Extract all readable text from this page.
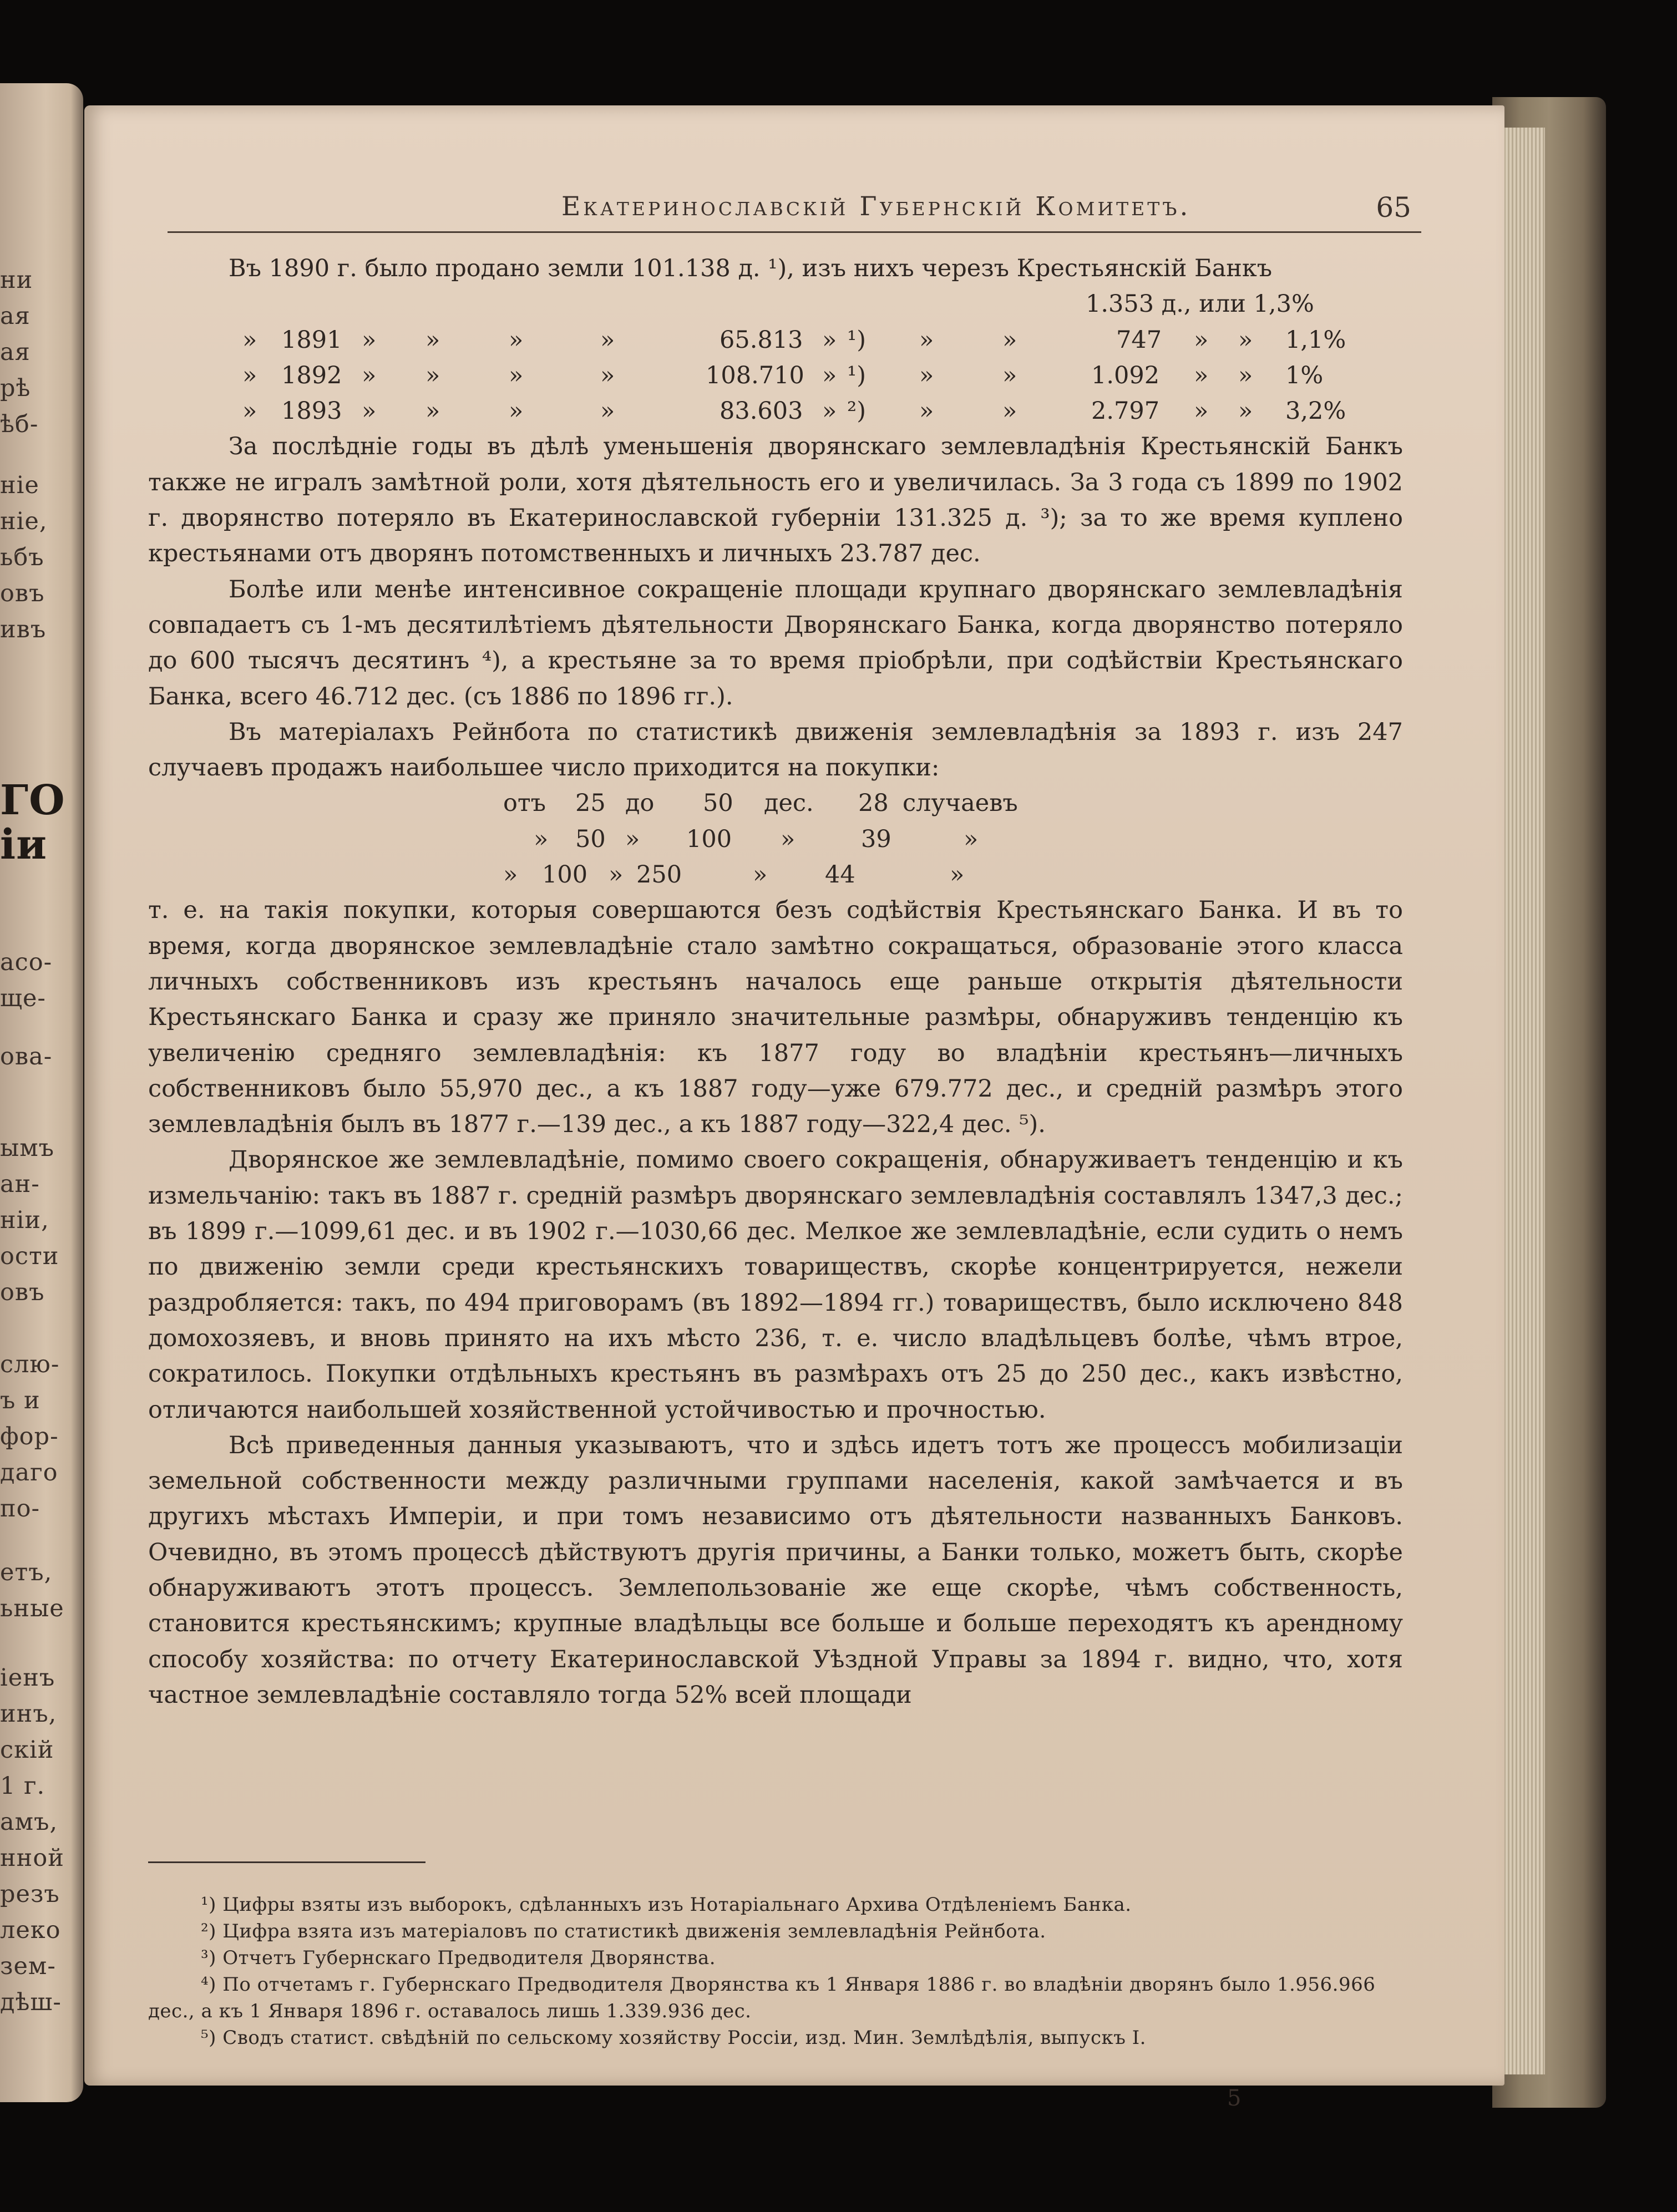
ни
ая
ая
рѣ
ѣб-
ніе
ніе,
ьбъ
овъ
ивъ
ГО
іи
асо-
ще-
ова-
ымъ
ан-
ніи,
ости
овъ
слю-
ъ и
фор-
даго
по-
етъ,
ьные
іенъ
инъ,
скій
1 г.
амъ,
нной
резъ
лeко
зем-
дѣш-
Екатеринославскій Губернскій Комитетъ.	65
Въ 1890 г. было продано земли 101.138 д. ¹), изъ нихъ черезъ Крестьянскій Банкъ
1.353 д., или 1,3%
» 1891 » »	»	»	65.813 » ¹) »	»	747 » » 1,1%
» 1892 » »	»	»	108.710 » ¹) »	»	1.092 » » 1%
» 1893 » »	»	»	83.603 » ²) »	»	2.797 » » 3,2%

За послѣдніе годы въ дѣлѣ уменьшенія дворянскаго землевладѣнія Крестьянскій Банкъ также не игралъ замѣтной роли, хотя дѣятельность его и увеличилась. За 3 года съ 1899 по 1902 г. дворянство потеряло въ Екатеринославской губерніи 131.325 д. ³); за то же время куплено крестьянами отъ дворянъ потомственныхъ и личныхъ 23.787 дес.

Болѣе или менѣе интенсивное сокращеніе площади крупнаго дворянскаго землевладѣнія совпадаетъ съ 1-мъ десятилѣтіемъ дѣятельности Дворянскаго Банка, когда дворянство потеряло до 600 тысячъ десятинъ ⁴), а крестьяне за то время пріобрѣли, при содѣйствіи Крестьянскаго Банка, всего 46.712 дес. (съ 1886 по 1896 гг.).

Въ матеріалахъ Рейнбота по статистикѣ движенія землевладѣнія за 1893 г. изъ 247 случаевъ продажъ наибольшее число приходится на покупки:

отъ 25 до 50 дес. 28 случаевъ
» 50 » 100 »	39	»
» 100 » 250	» 44	»

т. е. на такія покупки, которыя совершаются безъ содѣйствія Крестьянскаго Банка. И въ то время, когда дворянское землевладѣніе стало замѣтно сокращаться, образованіе этого класса личныхъ собственниковъ изъ крестьянъ началось еще раньше открытія дѣятельности Крестьянскаго Банка и сразу же приняло значительные размѣры, обнаруживъ тенденцію къ увеличенію средняго землевладѣнія: къ 1877 году во владѣніи крестьянъ—личныхъ собственниковъ было 55,970 дес., а къ 1887 году—уже 679.772 дес., и средній размѣръ этого землевладѣнія былъ въ 1877 г.—139 дес., а къ 1887 году—322,4 дес. ⁵).

Дворянское же землевладѣніе, помимо своего сокращенія, обнаруживаетъ тенденцію и къ измельчанію: такъ въ 1887 г. средній размѣръ дворянскаго землевладѣнія составлялъ 1347,3 дес.; въ 1899 г.—1099,61 дес. и въ 1902 г.—1030,66 дес. Мелкое же землевладѣніе, если судить о немъ по движенію земли среди крестьянскихъ товариществъ, скорѣе концентрируется, нежели раздробляется: такъ, по 494 приговорамъ (въ 1892—1894 гг.) товариществъ, было исключено 848 домохозяевъ, и вновь принято на ихъ мѣсто 236, т. е. число владѣльцевъ болѣе, чѣмъ втрое, сократилось. Покупки отдѣльныхъ крестьянъ въ размѣрахъ отъ 25 до 250 дес., какъ извѣстно, отличаются наибольшей хозяйственной устойчивостью и прочностью.

Всѣ приведенныя данныя указываютъ, что и здѣсь идетъ тотъ же процессъ мобилизаціи земельной собственности между различными группами населенія, какой замѣчается и въ другихъ мѣстахъ Имперіи, и при томъ независимо отъ дѣятельности названныхъ Банковъ. Очевидно, въ этомъ процессѣ дѣйствуютъ другія причины, а Банки только, можетъ быть, скорѣе обнаруживаютъ этотъ процессъ. Землепользованіе же еще скорѣе, чѣмъ собственность, становится крестьянскимъ; крупные владѣльцы все больше и больше переходятъ къ арендному способу хозяйства: по отчету Екатеринославской Уѣздной Управы за 1894 г. видно, что, хотя частное землевладѣніе составляло тогда 52% всей площади

¹) Цифры взяты изъ выборокъ, сдѣланныхъ изъ Нотаріальнаго Архива Отдѣленіемъ Банка.

²) Цифра взята изъ матеріаловъ по статистикѣ движенія землевладѣнія Рейнбота.

³) Отчетъ Губернскаго Предводителя Дворянства.

⁴) По отчетамъ г. Губернскаго Предводителя Дворянства къ 1 Января 1886 г. во владѣніи дворянъ было 1.956.966 дес., а къ 1 Января 1896 г. оставалось лишь 1.339.936 дес.

⁵) Сводъ статист. свѣдѣній по сельскому хозяйству Россіи, изд. Мин. Землѣдѣлія, выпускъ I.

5
